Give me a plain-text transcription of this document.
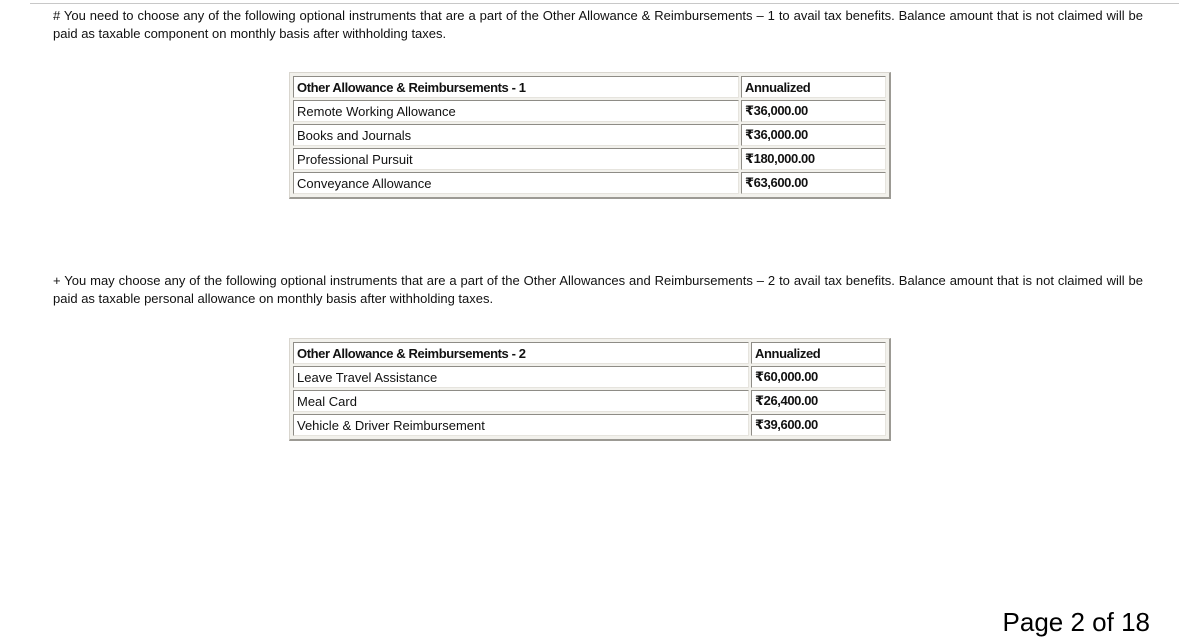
# You need to choose any of the following optional instruments that are a part of the Other Allowance & Reimbursements – 1 to avail tax benefits. Balance amount that is not claimed will be paid as taxable component on monthly basis after withholding taxes.

Other Allowance & Reimbursements - 1	Annualized
Remote Working Allowance	₹36,000.00
Books and Journals	₹36,000.00
Professional Pursuit	₹180,000.00
Conveyance Allowance	₹63,600.00

+ You may choose any of the following optional instruments that are a part of the Other Allowances and Reimbursements – 2 to avail tax benefits. Balance amount that is not claimed will be paid as taxable personal allowance on monthly basis after withholding taxes.

Other Allowance & Reimbursements - 2	Annualized
Leave Travel Assistance	₹60,000.00
Meal Card	₹26,400.00
Vehicle & Driver Reimbursement	₹39,600.00
Page 2 of 18
